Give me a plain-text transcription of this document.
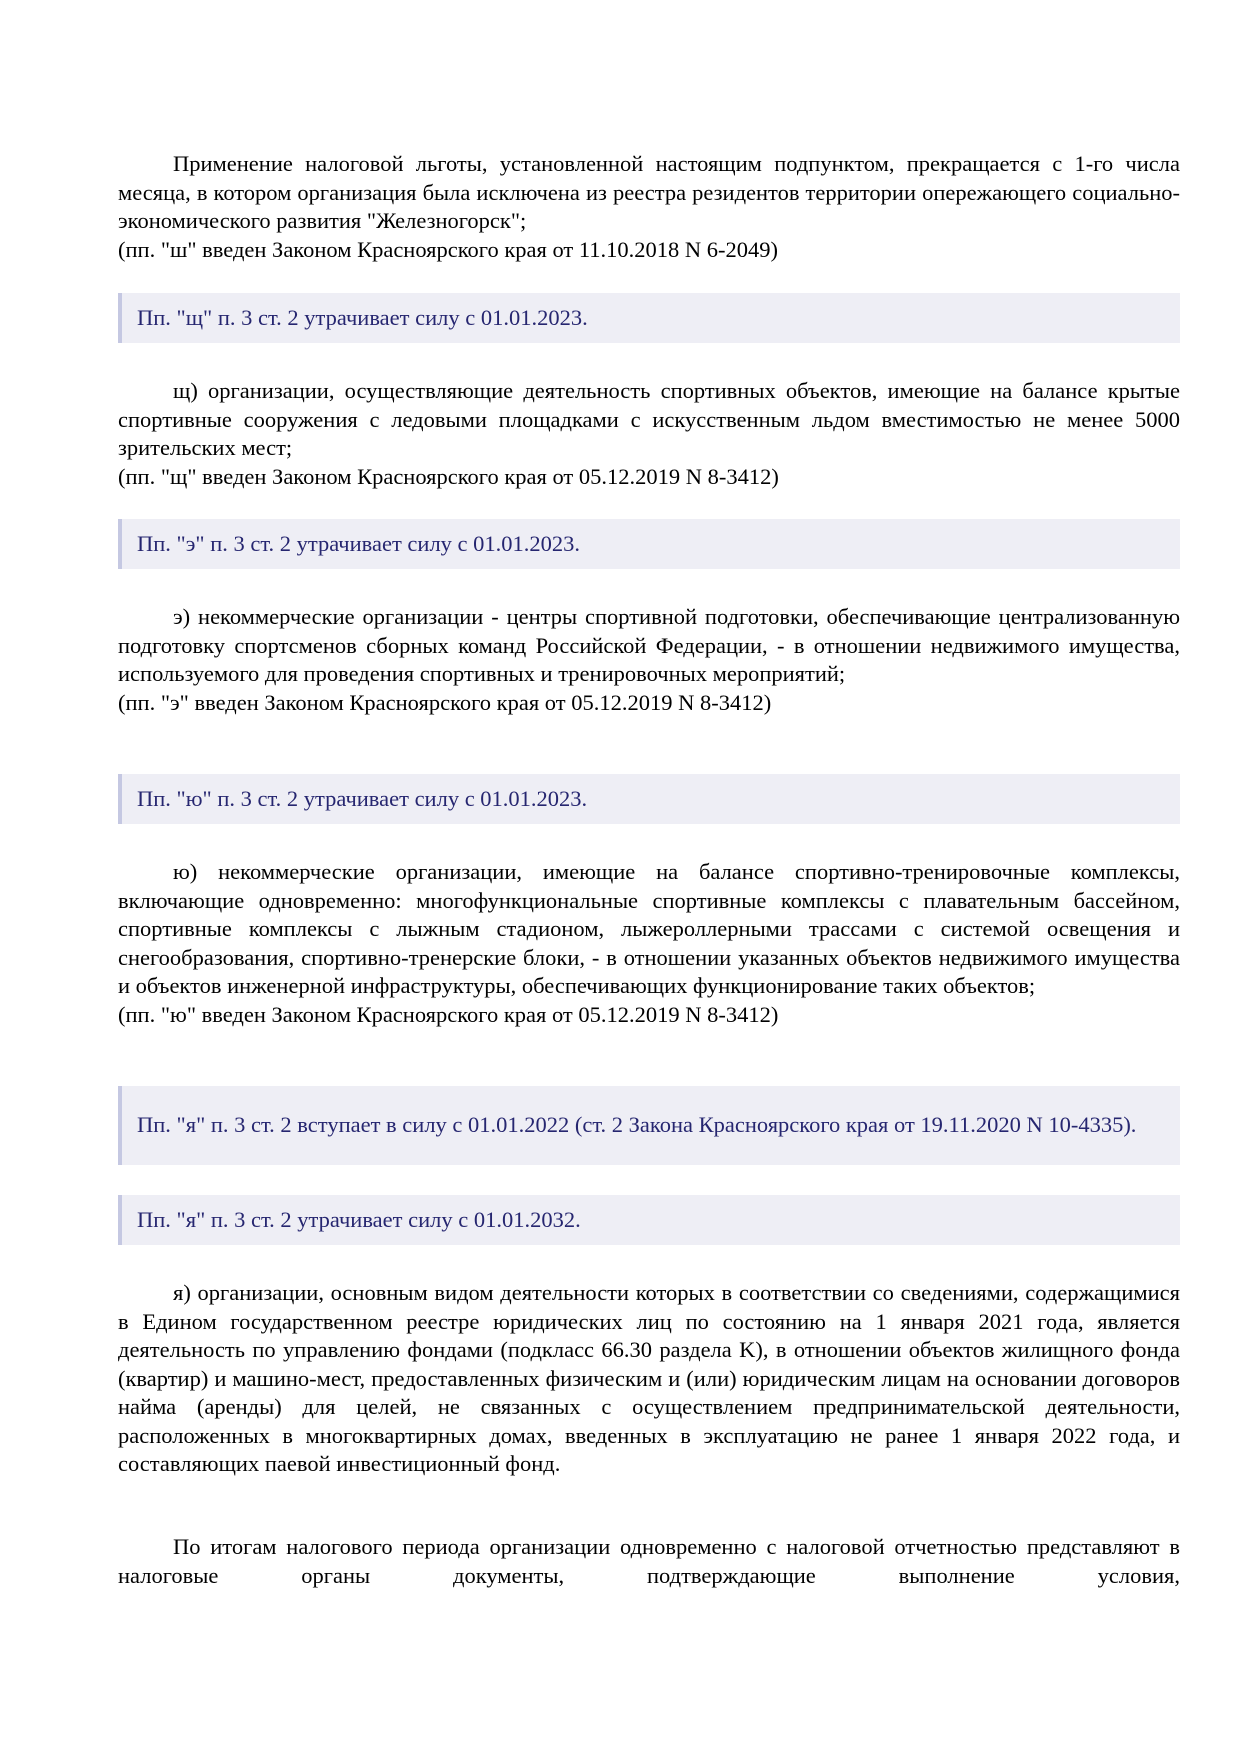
Применение налоговой льготы, установленной настоящим подпунктом, прекращается с 1-го числа месяца, в котором организация была исключена из реестра резидентов территории опережающего социально-экономического развития "Железногорск";

(пп. "ш" введен Законом Красноярского края от 11.10.2018 N 6-2049)

Пп. "щ" п. 3 ст. 2 утрачивает силу с 01.01.2023.

щ) организации, осуществляющие деятельность спортивных объектов, имеющие на балансе крытые спортивные сооружения с ледовыми площадками с искусственным льдом вместимостью не менее 5000 зрительских мест;

(пп. "щ" введен Законом Красноярского края от 05.12.2019 N 8-3412)

Пп. "э" п. 3 ст. 2 утрачивает силу с 01.01.2023.

э) некоммерческие организации - центры спортивной подготовки, обеспечивающие централизованную подготовку спортсменов сборных команд Российской Федерации, - в отношении недвижимого имущества, используемого для проведения спортивных и тренировочных мероприятий;

(пп. "э" введен Законом Красноярского края от 05.12.2019 N 8-3412)

Пп. "ю" п. 3 ст. 2 утрачивает силу с 01.01.2023.

ю) некоммерческие организации, имеющие на балансе спортивно-тренировочные комплексы, включающие одновременно: многофункциональные спортивные комплексы с плавательным бассейном, спортивные комплексы с лыжным стадионом, лыжероллерными трассами с системой освещения и снегообразования, спортивно-тренерские блоки, - в отношении указанных объектов недвижимого имущества и объектов инженерной инфраструктуры, обеспечивающих функционирование таких объектов;

(пп. "ю" введен Законом Красноярского края от 05.12.2019 N 8-3412)

Пп. "я" п. 3 ст. 2 вступает в силу с 01.01.2022 (ст. 2 Закона Красноярского края от 19.11.2020 N 10-4335).
Пп. "я" п. 3 ст. 2 утрачивает силу с 01.01.2032.

я) организации, основным видом деятельности которых в соответствии со сведениями, содержащимися в Едином государственном реестре юридических лиц по состоянию на 1 января 2021 года, является деятельность по управлению фондами (подкласс 66.30 раздела K), в отношении объектов жилищного фонда (квартир) и машино-мест, предоставленных физическим и (или) юридическим лицам на основании договоров найма (аренды) для целей, не связанных с осуществлением предпринимательской деятельности, расположенных в многоквартирных домах, введенных в эксплуатацию не ранее 1 января 2022 года, и составляющих паевой инвестиционный фонд.

По итогам налогового периода организации одновременно с налоговой отчетностью представляют в налоговые органы документы, подтверждающие выполнение условия,
